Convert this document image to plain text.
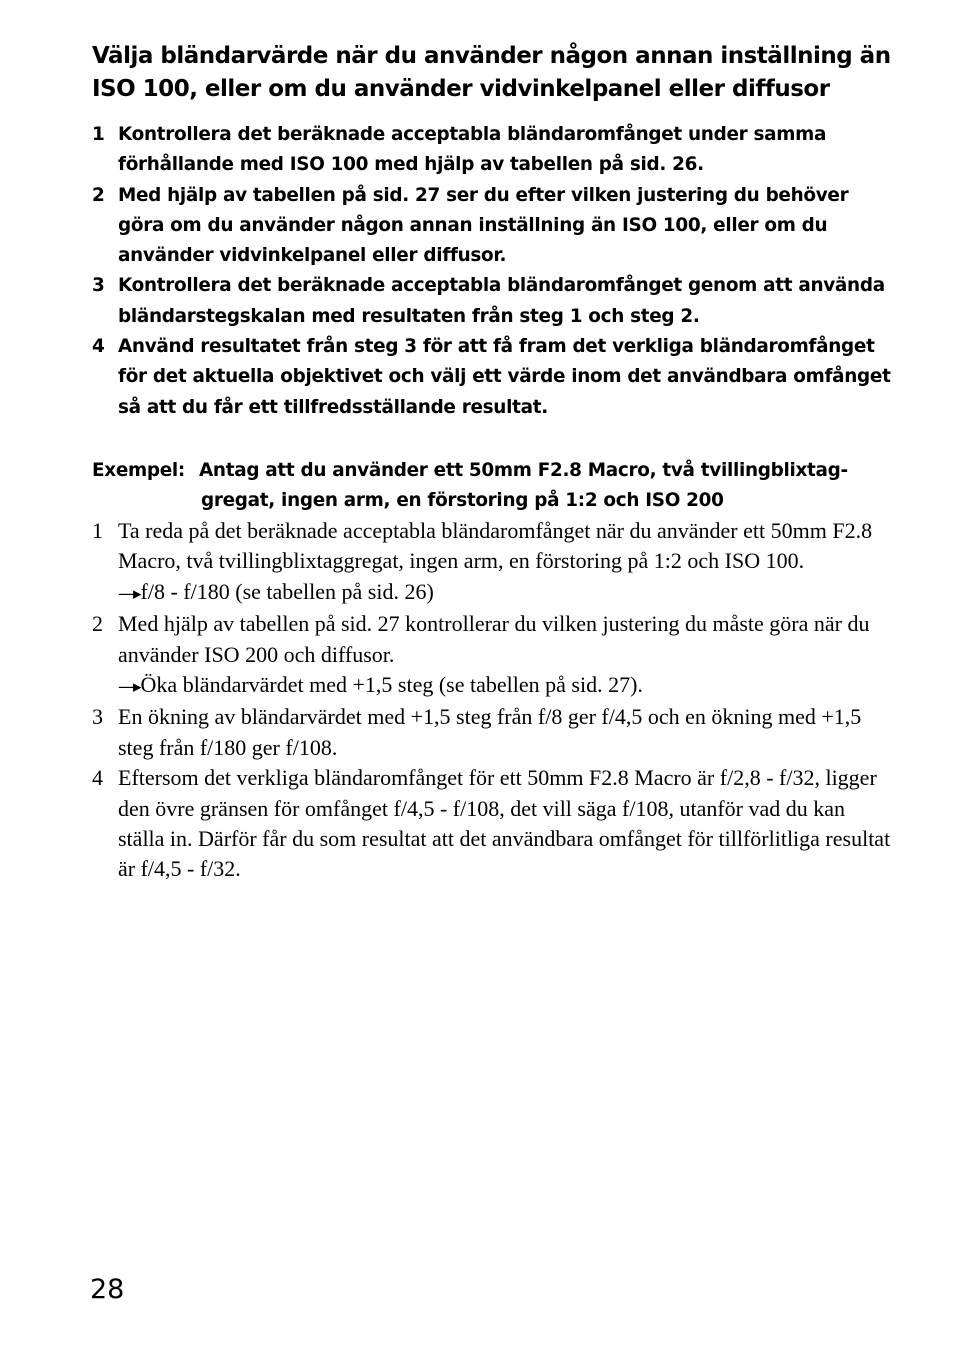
Välja bländarvärde när du använder någon annan inställning än ISO 100, eller om du använder vidvinkelpanel eller diffusor
1 Kontrollera det beräknade acceptabla bländaromfånget under samma förhållande med ISO 100 med hjälp av tabellen på sid. 26.
2 Med hjälp av tabellen på sid. 27 ser du efter vilken justering du behöver göra om du använder någon annan inställning än ISO 100, eller om du använder vidvinkelpanel eller diffusor.
3 Kontrollera det beräknade acceptabla bländaromfånget genom att använda bländarstegskalan med resultaten från steg 1 och steg 2.
4 Använd resultatet från steg 3 för att få fram det verkliga bländaromfånget för det aktuella objektivet och välj ett värde inom det användbara omfånget så att du får ett tillfredsställande resultat.
Exempel: Antag att du använder ett 50mm F2.8 Macro, två tvillingblixtaggregat, ingen arm, en förstoring på 1:2 och ISO 200
1 Ta reda på det beräknade acceptabla bländaromfånget när du använder ett 50mm F2.8 Macro, två tvillingblixtaggregat, ingen arm, en förstoring på 1:2 och ISO 100.
—▸f/8 - f/180 (se tabellen på sid. 26)
2 Med hjälp av tabellen på sid. 27 kontrollerar du vilken justering du måste göra när du använder ISO 200 och diffusor.
—▸Öka bländarvärdet med +1,5 steg (se tabellen på sid. 27).
3 En ökning av bländarvärdet med +1,5 steg från f/8 ger f/4,5 och en ökning med +1,5 steg från f/180 ger f/108.
4 Eftersom det verkliga bländaromfånget för ett 50mm F2.8 Macro är f/2,8 - f/32, ligger den övre gränsen för omfånget f/4,5 - f/108, det vill säga f/108, utanför vad du kan ställa in. Därför får du som resultat att det användbara omfånget för tillförlitliga resultat är f/4,5 - f/32.
28
